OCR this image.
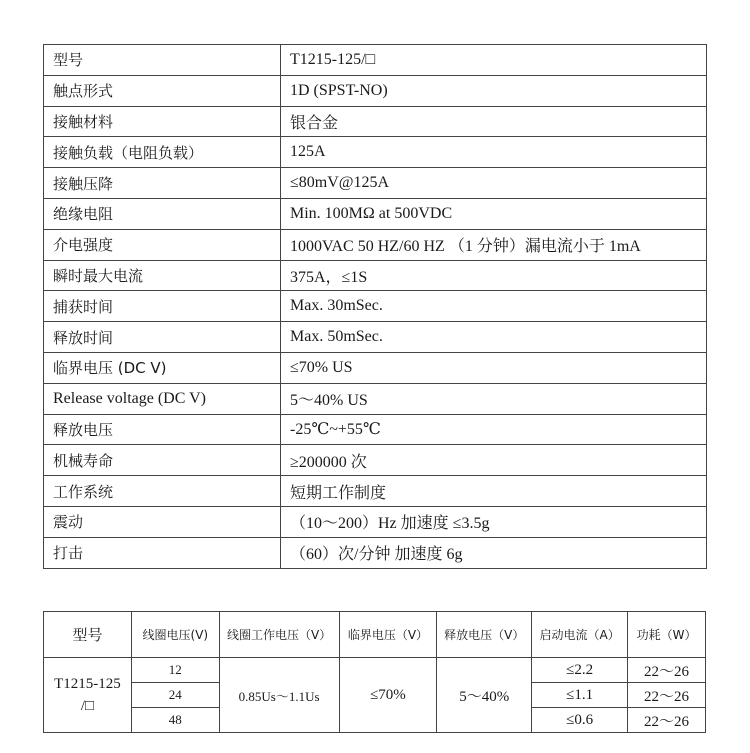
型号	T1215-125/□
触点形式	1D (SPST-NO)
接触材料	银合金
接触负载（电阻负载）	125A
接触压降	≤80mV@125A
绝缘电阻	Min. 100MΩ at 500VDC
介电强度	1000VAC 50 HZ/60 HZ （1 分钟）漏电流小于 1mA
瞬时最大电流	375A，≤1S
捕获时间	Max. 30mSec.
释放时间	Max. 50mSec.
临界电压 (DC V)	≤70% US
Release voltage (DC V)	5～40% US
释放电压	-25℃~+55℃
机械寿命	≥200000 次
工作系统	短期工作制度
震动	（10～200）Hz 加速度 ≤3.5g
打击	（60）次/分钟 加速度 6g
型号	线圈电压(V)	线圈工作电压（V）	临界电压（V）	释放电压（V）	启动电流（A）	功耗（W）
T1215-125
/□	12	0.85Us～1.1Us	≤70%	5～40%	≤2.2	22～26
	24				≤1.1	22～26
	48				≤0.6	22～26
